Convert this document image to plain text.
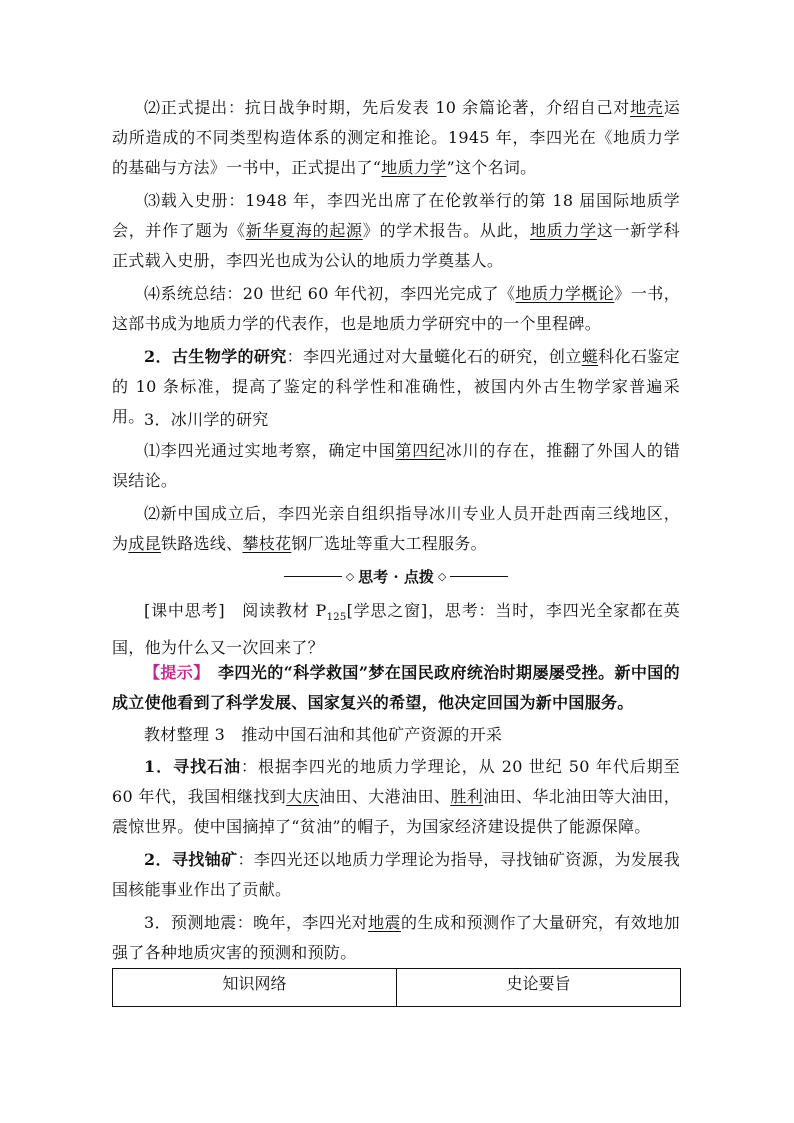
⑵正式提出：抗日战争时期，先后发表 10 余篇论著，介绍自己对地壳运动所造成的不同类型构造体系的测定和推论。1945 年，李四光在《地质力学的基础与方法》一书中，正式提出了“地质力学”这个名词。

⑶载入史册：1948 年，李四光出席了在伦敦举行的第 18 届国际地质学会，并作了题为《新华夏海的起源》的学术报告。从此，地质力学这一新学科正式载入史册，李四光也成为公认的地质力学奠基人。

⑷系统总结：20 世纪 60 年代初，李四光完成了《地质力学概论》一书，这部书成为地质力学的代表作，也是地质力学研究中的一个里程碑。

2．古生物学的研究：李四光通过对大量䗴化石的研究，创立䗴科化石鉴定的 10 条标准，提高了鉴定的科学性和准确性，被国内外古生物学家普遍采用。 3．冰川学的研究

⑴李四光通过实地考察，确定中国第四纪冰川的存在，推翻了外国人的错误结论。

⑵新中国成立后，李四光亲自组织指导冰川专业人员开赴西南三线地区，为成昆铁路选线、攀枝花钢厂选址等重大工程服务。

◇ 思考 · 点拨 ◇

[课中思考]　阅读教材 $P_{125}$[学思之窗]，思考：当时，李四光全家都在英国，他为什么又一次回来了？

【提示】　李四光的“科学救国”梦在国民政府统治时期屡屡受挫。新中国的成立使他看到了科学发展、国家复兴的希望，他决定回国为新中国服务。

教材整理 3　推动中国石油和其他矿产资源的开采

1．寻找石油：根据李四光的地质力学理论，从 20 世纪 50 年代后期至 60 年代，我国相继找到大庆油田、大港油田、胜利油田、华北油田等大油田，震惊世界。使中国摘掉了“贫油”的帽子，为国家经济建设提供了能源保障。

2．寻找铀矿：李四光还以地质力学理论为指导，寻找铀矿资源，为发展我国核能事业作出了贡献。

3．预测地震：晚年，李四光对地震的生成和预测作了大量研究，有效地加强了各种地质灾害的预测和预防。

知识网络	史论要旨
